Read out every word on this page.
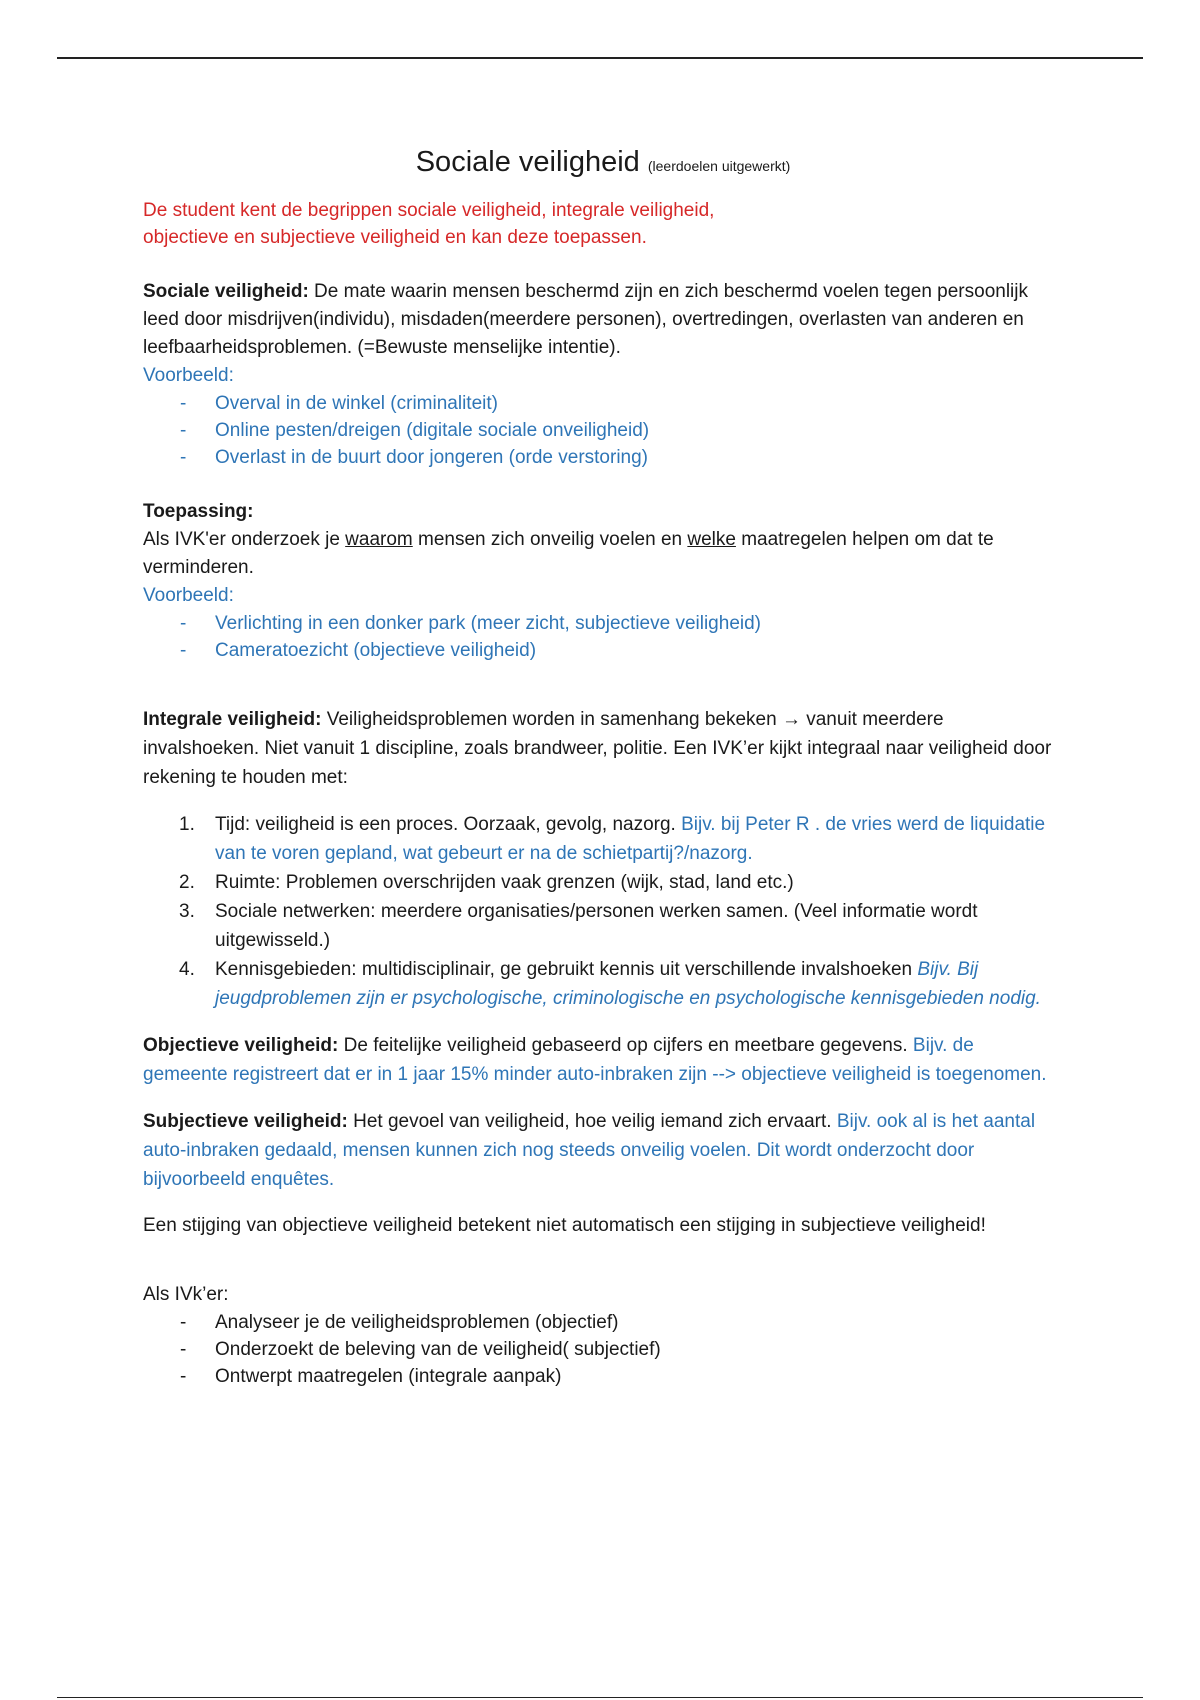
Sociale veiligheid (leerdoelen uitgewerkt)
De student kent de begrippen sociale veiligheid, integrale veiligheid,
objectieve en subjectieve veiligheid en kan deze toepassen.

Sociale veiligheid: De mate waarin mensen beschermd zijn en zich beschermd voelen tegen persoonlijk leed door misdrijven(individu), misdaden(meerdere personen), overtredingen, overlasten van anderen en leefbaarheidsproblemen. (=Bewuste menselijke intentie).

Voorbeeld:

- Overval in de winkel (criminaliteit)
- Online pesten/dreigen (digitale sociale onveiligheid)
- Overlast in de buurt door jongeren (orde verstoring)

Toepassing:

Als IVK'er onderzoek je waarom mensen zich onveilig voelen en welke maatregelen helpen om dat te verminderen.

Voorbeeld:

- Verlichting in een donker park (meer zicht, subjectieve veiligheid)
- Cameratoezicht (objectieve veiligheid)

Integrale veiligheid: Veiligheidsproblemen worden in samenhang bekeken → vanuit meerdere invalshoeken. Niet vanuit 1 discipline, zoals brandweer, politie. Een IVK’er kijkt integraal naar veiligheid door rekening te houden met:

1. Tijd: veiligheid is een proces. Oorzaak, gevolg, nazorg. Bijv. bij Peter R . de vries werd de liquidatie van te voren gepland, wat gebeurt er na de schietpartij?/nazorg.
2. Ruimte: Problemen overschrijden vaak grenzen (wijk, stad, land etc.)
3. Sociale netwerken: meerdere organisaties/personen werken samen. (Veel informatie wordt uitgewisseld.)
4. Kennisgebieden: multidisciplinair, ge gebruikt kennis uit verschillende invalshoeken Bijv. Bij jeugdproblemen zijn er psychologische, criminologische en psychologische kennisgebieden nodig.

Objectieve veiligheid: De feitelijke veiligheid gebaseerd op cijfers en meetbare gegevens. Bijv. de gemeente registreert dat er in 1 jaar 15% minder auto-inbraken zijn --> objectieve veiligheid is toegenomen.

Subjectieve veiligheid: Het gevoel van veiligheid, hoe veilig iemand zich ervaart. Bijv. ook al is het aantal auto-inbraken gedaald, mensen kunnen zich nog steeds onveilig voelen. Dit wordt onderzocht door bijvoorbeeld enquêtes.

Een stijging van objectieve veiligheid betekent niet automatisch een stijging in subjectieve veiligheid!

Als IVk’er:

- Analyseer je de veiligheidsproblemen (objectief)
- Onderzoekt de beleving van de veiligheid( subjectief)
- Ontwerpt maatregelen (integrale aanpak)
